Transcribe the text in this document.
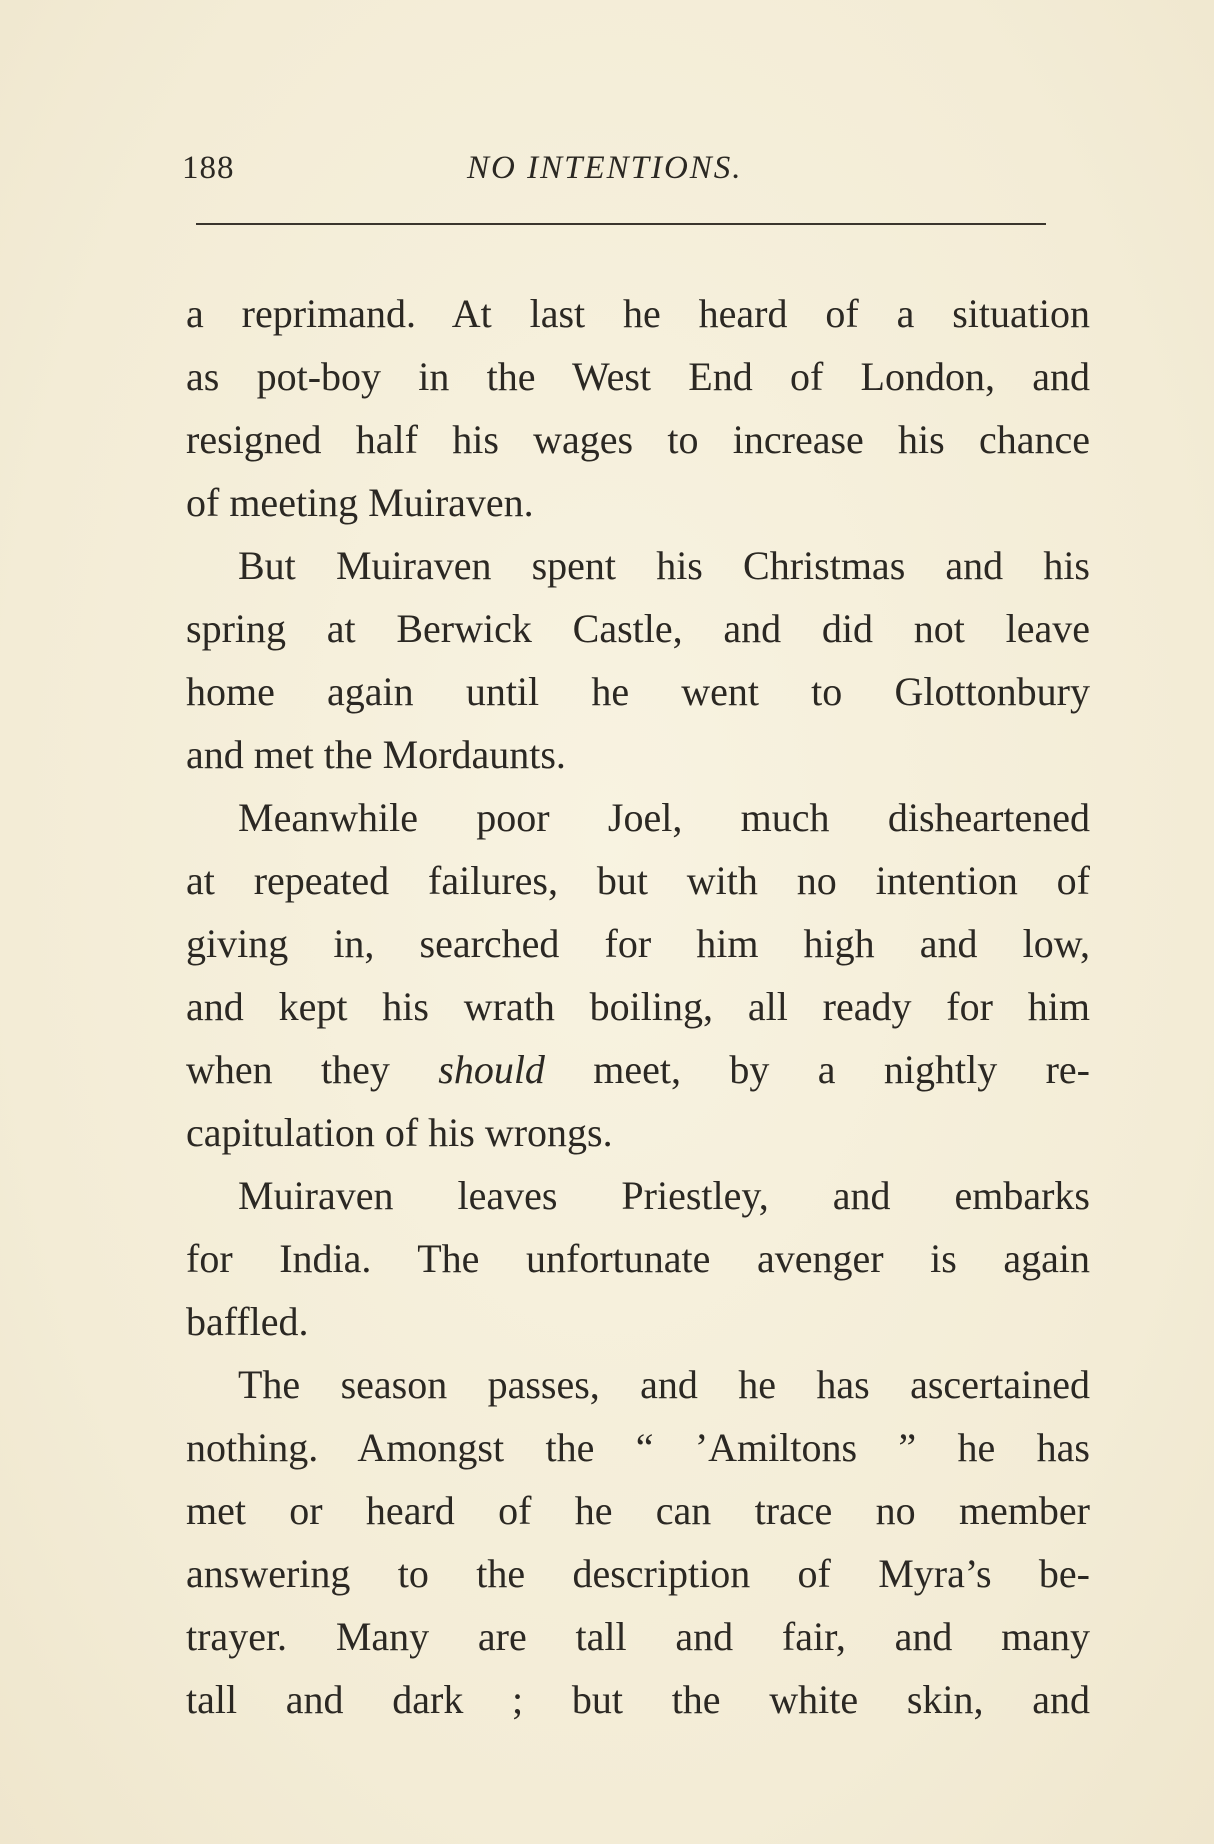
188	NO INTENTIONS.
a reprimand. At last he heard of a situation
as pot-boy in the West End of London, and
resigned half his wages to increase his chance
of meeting Muiraven.
But Muiraven spent his Christmas and his
spring at Berwick Castle, and did not leave
home again until he went to Glottonbury
and met the Mordaunts.
Meanwhile poor Joel, much disheartened
at repeated failures, but with no intention of
giving in, searched for him high and low,
and kept his wrath boiling, all ready for him
when they should meet, by a nightly re-
capitulation of his wrongs.
Muiraven leaves Priestley, and embarks
for India. The unfortunate avenger is again
baffled.
The season passes, and he has ascertained
nothing. Amongst the “ ’Amiltons ” he has
met or heard of he can trace no member
answering to the description of Myra’s be-
trayer. Many are tall and fair, and many
tall and dark ; but the white skin, and
